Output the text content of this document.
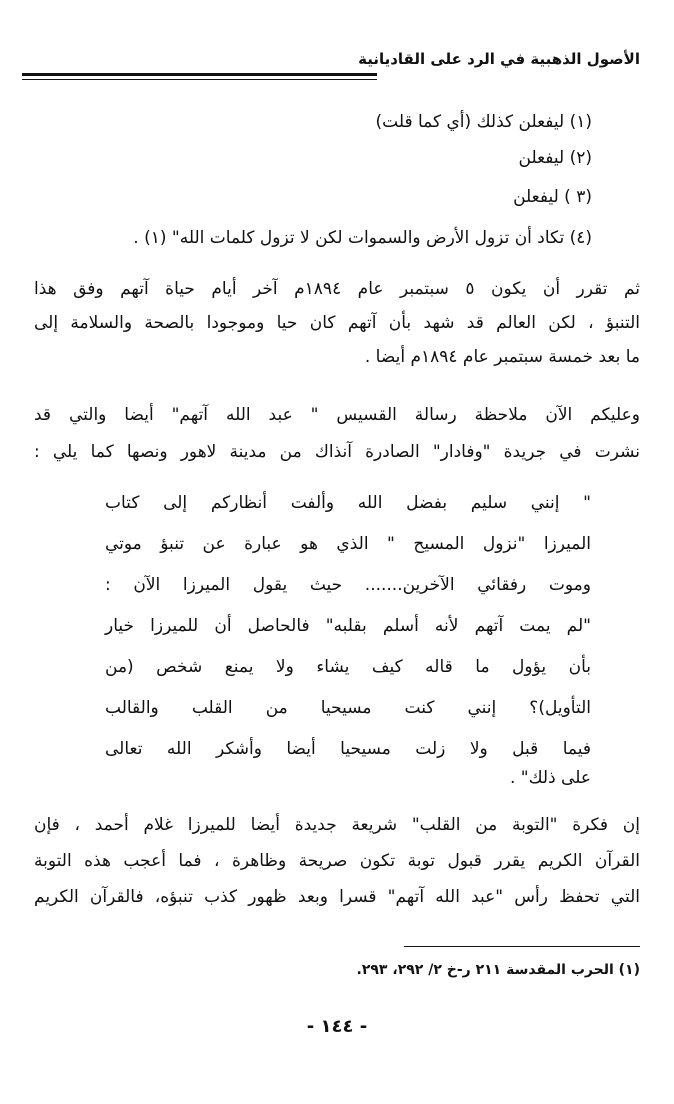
الأصول الذهبية في الرد على القاديانية
(١) ليفعلن كذلك (أي كما قلت)
(٢) ليفعلن
(٣ ) ليفعلن
(٤) تكاد أن تزول الأرض والسموات لكن لا تزول كلمات الله" (١) .
ثم تقرر أن يكون ٥ سبتمبر عام ١٨٩٤م آخر أيام حياة آتهم وفق هذا
التنبؤ ، لكن العالم قد شهد بأن آتهم كان حيا وموجودا بالصحة والسلامة إلى
ما بعد خمسة سبتمبر عام ١٨٩٤م أيضا .
وعليكم الآن ملاحظة رسالة القسيس " عبد الله آتهم" أيضا والتي قد
نشرت في جريدة "وفادار" الصادرة آنذاك من مدينة لاهور ونصها كما يلي :
" إنني سليم بفضل الله وألفت أنظاركم إلى كتاب
الميرزا "نزول المسيح " الذي هو عبارة عن تنبؤ موتي
وموت رفقائي الآخرين....... حيث يقول الميرزا الآن :
"لم يمت آتهم لأنه أسلم بقلبه" فالحاصل أن للميرزا خيار
بأن يؤول ما قاله كيف يشاء ولا يمنع شخص (من
التأويل)؟ إنني كنت مسيحيا من القلب والقالب
فيما قبل ولا زلت مسيحيا أيضا وأشكر الله تعالى
على ذلك" .
إن فكرة "التوبة من القلب" شريعة جديدة أيضا للميرزا غلام أحمد ، فإن
القرآن الكريم يقرر قبول توبة تكون صريحة وظاهرة ، فما أعجب هذه التوبة
التي تحفظ رأس "عبد الله آتهم" قسرا وبعد ظهور كذب تنبؤه، فالقرآن الكريم
(١) الحرب المقدسة ٢١١ ر-خ ٢/ ٢٩٢، ٢٩٣.
- ١٤٤ -
